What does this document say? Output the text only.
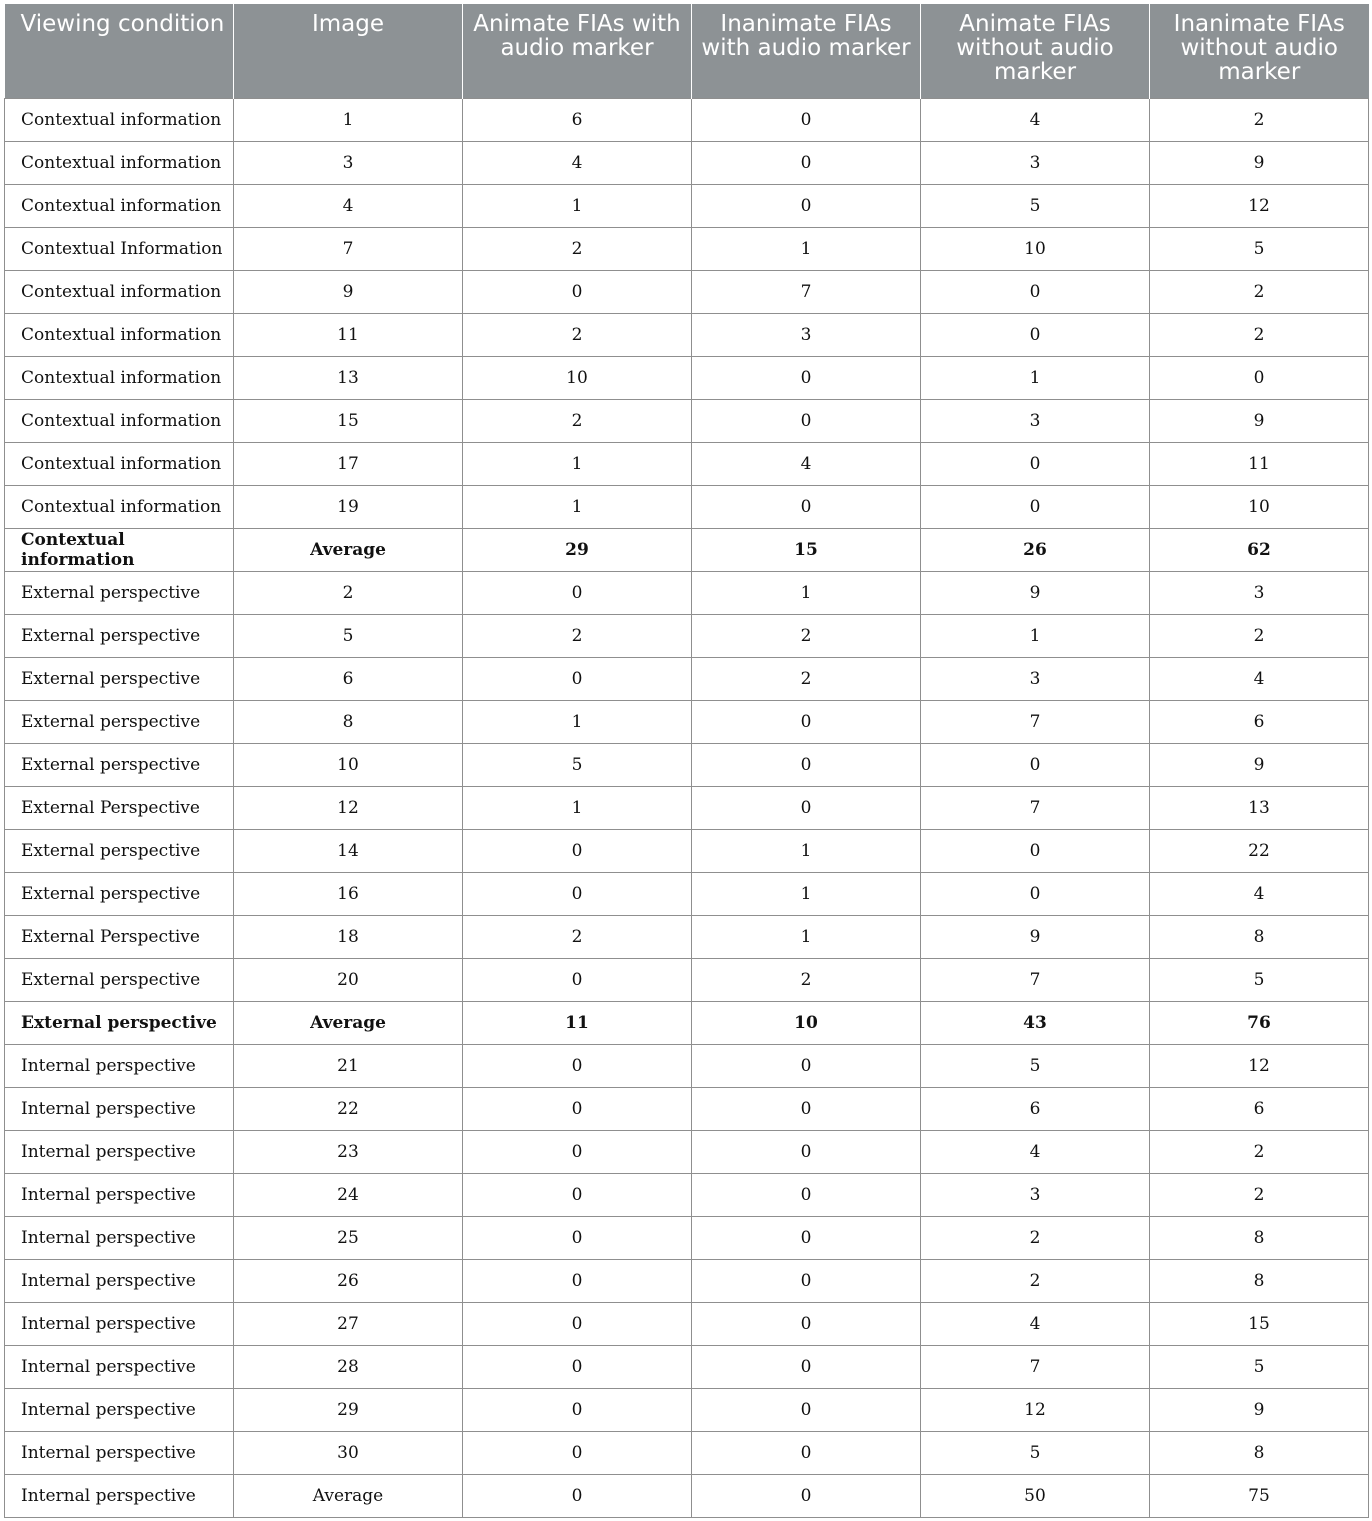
Viewing condition	Image	Animate FIAs with audio marker	Inanimate FIAs with audio marker	Animate FIAs without audio marker	Inanimate FIAs without audio marker
Contextual information	1	6	0	4	2
Contextual information	3	4	0	3	9
Contextual information	4	1	0	5	12
Contextual Information	7	2	1	10	5
Contextual information	9	0	7	0	2
Contextual information	11	2	3	0	2
Contextual information	13	10	0	1	0
Contextual information	15	2	0	3	9
Contextual information	17	1	4	0	11
Contextual information	19	1	0	0	10
Contextual information	Average	29	15	26	62
External perspective	2	0	1	9	3
External perspective	5	2	2	1	2
External perspective	6	0	2	3	4
External perspective	8	1	0	7	6
External perspective	10	5	0	0	9
External Perspective	12	1	0	7	13
External perspective	14	0	1	0	22
External perspective	16	0	1	0	4
External Perspective	18	2	1	9	8
External perspective	20	0	2	7	5
External perspective	Average	11	10	43	76
Internal perspective	21	0	0	5	12
Internal perspective	22	0	0	6	6
Internal perspective	23	0	0	4	2
Internal perspective	24	0	0	3	2
Internal perspective	25	0	0	2	8
Internal perspective	26	0	0	2	8
Internal perspective	27	0	0	4	15
Internal perspective	28	0	0	7	5
Internal perspective	29	0	0	12	9
Internal perspective	30	0	0	5	8
Internal perspective	Average	0	0	50	75
